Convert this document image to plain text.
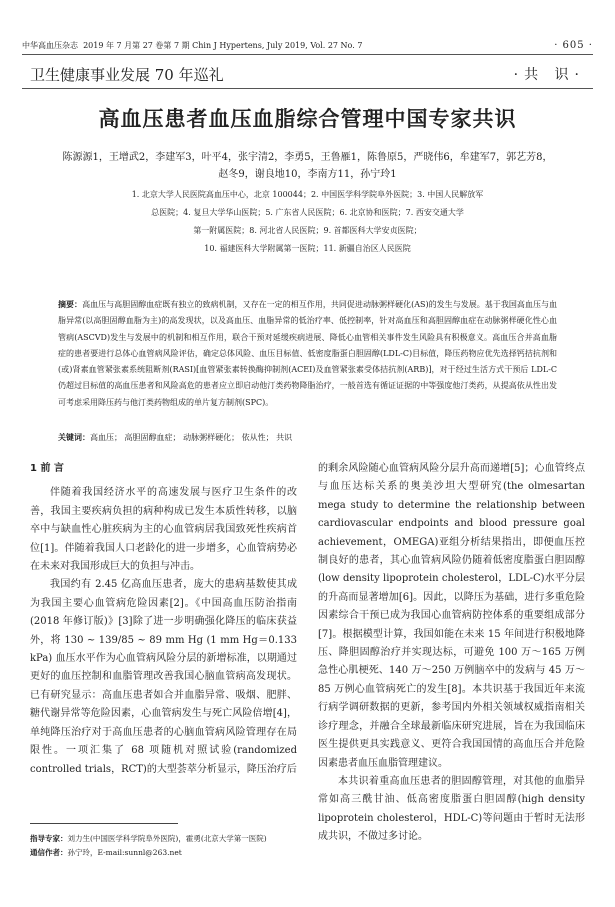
中华高血压杂志 2019 年 7 月第 27 卷第 7 期 Chin J Hypertens, July 2019, Vol. 27 No. 7	· 605 ·
卫生健康事业发展 70 年巡礼	·共 识·
高血压患者血压血脂综合管理中国专家共识
陈源源1，王增武2，李建军3，叶平4，张宇清2，李勇5，王鲁雁1，陈鲁原5，严晓伟6，牟建军7，郭艺芳8，赵冬9，谢良地10，李南方11，孙宁玲1
1. 北京大学人民医院高血压中心，北京 100044；2. 中国医学科学院阜外医院；3. 中国人民解放军
总医院；4. 复旦大学华山医院；5. 广东省人民医院；6. 北京协和医院；7. 西安交通大学
第一附属医院；8. 河北省人民医院；9. 首都医科大学安贞医院；
10. 福建医科大学附属第一医院；11. 新疆自治区人民医院
摘要：高血压与高胆固醇血症既有独立的致病机制，又存在一定的相互作用，共同促进动脉粥样硬化(AS)的发生与发展。基于我国高血压与血脂异常(以高胆固醇血脂为主)的高发现状，以及高血压、血脂异常的低治疗率、低控制率，针对高血压和高胆固醇血症在动脉粥样硬化性心血管病(ASCVD)发生与发展中的机制和相互作用，联合干预对延缓疾病进展、降低心血管相关事件发生风险具有积极意义。高血压合并高血脂症的患者要进行总体心血管病风险评估，确定总体风险、血压目标值、低密度脂蛋白胆固醇(LDL-C)目标值，降压药物应优先选择钙拮抗剂和(或)肾素血管紧张素系统阻断剂(RASI)[血管紧张素转换酶抑制剂(ACEI)及血管紧张素受体拮抗剂(ARB)]，对于经过生活方式干预后 LDL-C 仍超过目标值的高血压患者和风险高危的患者应立即启动他汀类药物降脂治疗，一般首选有循证证据的中等强度他汀类药，从提高依从性出发可考虑采用降压药与他汀类药物组成的单片复方制剂(SPC)。
关键词：高血压； 高胆固醇血症； 动脉粥样硬化； 依从性； 共识

1 前 言

伴随着我国经济水平的高速发展与医疗卫生条件的改善，我国主要疾病负担的病种构成已发生本质性转移，以脑卒中与缺血性心脏疾病为主的心血管病居我国致死性疾病首位[1]。伴随着我国人口老龄化的进一步增多，心血管病势必在未来对我国形成巨大的负担与冲击。

我国约有 2.45 亿高血压患者，庞大的患病基数使其成为我国主要心血管病危险因素[2]。《中国高血压防治指南(2018 年修订版)》[3]除了进一步明确强化降压的临床获益外，将 130 ~ 139/85 ~ 89 mm Hg (1 mm Hg＝0.133 kPa) 血压水平作为心血管病风险分层的新增标准，以期通过更好的血压控制和血脂管理改善我国心脑血管病高发现状。已有研究显示：高血压患者如合并血脂异常、吸烟、肥胖、糖代谢异常等危险因素，心血管病发生与死亡风险倍增[4]，单纯降压治疗对于高血压患者的心脑血管病风险管理存在局限性。一项汇集了 68 项随机对照试验(randomized controlled trials，RCT)的大型荟萃分析显示，降压治疗后

的剩余风险随心血管病风险分层升高而递增[5]；心血管终点与血压达标关系的奥美沙坦大型研究(the olmesartan mega study to determine the relationship between cardiovascular endpoints and blood pressure goal achievement，OMEGA)亚组分析结果指出，即便血压控制良好的患者，其心血管病风险仍随着低密度脂蛋白胆固醇(low density lipoprotein cholesterol，LDL-C)水平分层的升高而显著增加[6]。因此，以降压为基础，进行多重危险因素综合干预已成为我国心血管病防控体系的重要组成部分[7]。根据模型计算，我国如能在未来 15 年间进行积极地降压、降胆固醇治疗并实现达标，可避免 100 万～165 万例急性心肌梗死、140 万～250 万例脑卒中的发病与 45 万～85 万例心血管病死亡的发生[8]。本共识基于我国近年来流行病学调研数据的更新，参考国内外相关领域权威指南相关诊疗理念，并融合全球最新临床研究进展，旨在为我国临床医生提供更具实践意义、更符合我国国情的高血压合并危险因素患者血压血脂管理建议。

本共识着重高血压患者的胆固醇管理，对其他的血脂异常如高三酰甘油、低高密度脂蛋白胆固醇(high density lipoprotein cholesterol，HDL-C)等问题由于暂时无法形成共识，不做过多讨论。

指导专家：刘力生(中国医学科学院阜外医院)，霍勇(北京大学第一医院)
通信作者：孙宁玲，E-mail:sunnl@263.net
